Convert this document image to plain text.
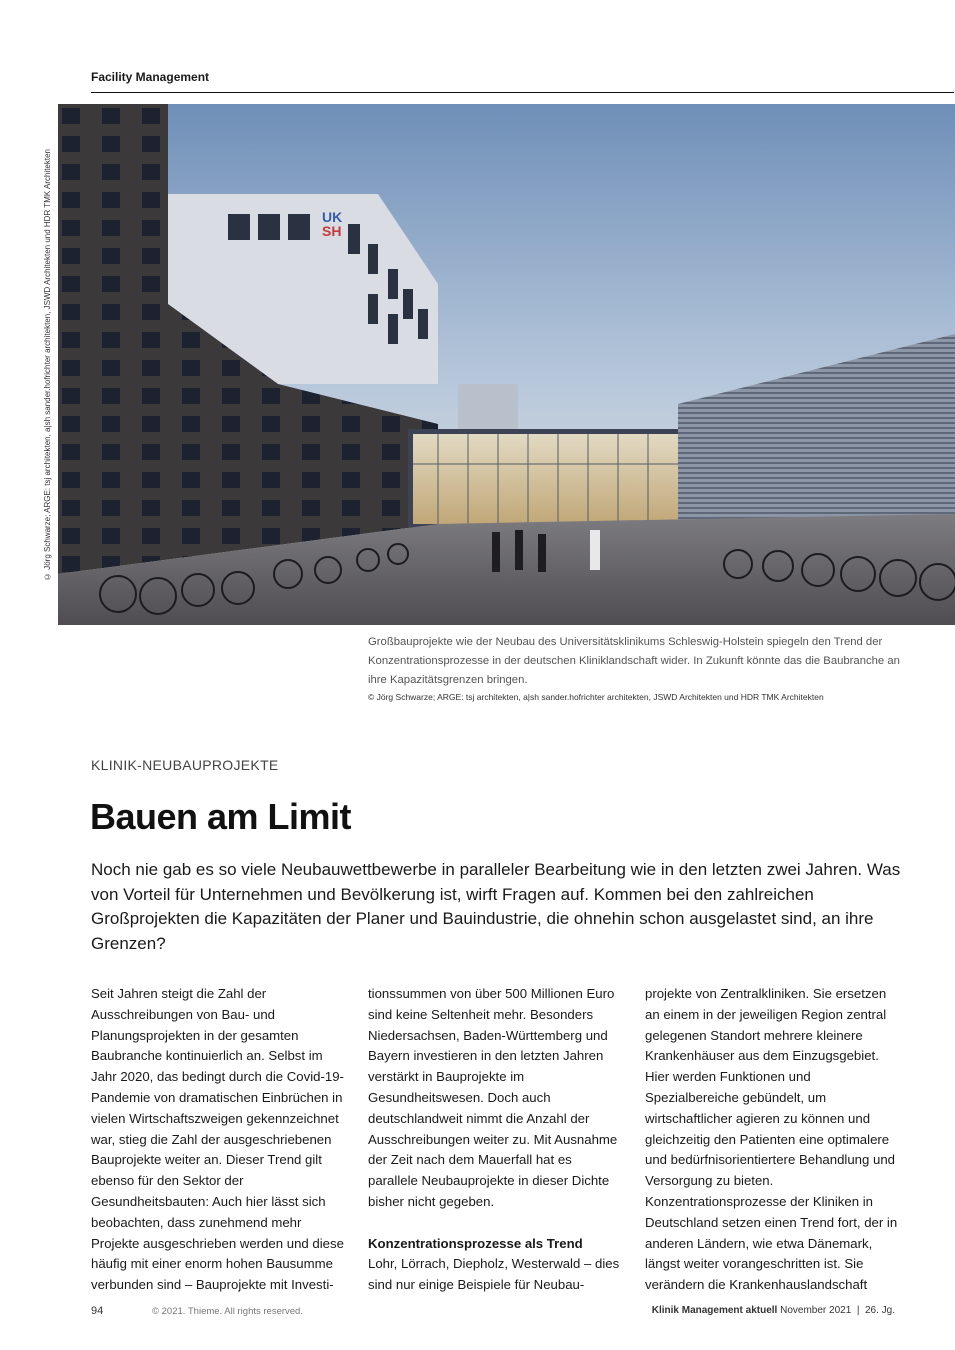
Facility Management
© Jörg Schwarze; ARGE: tsj architekten, a|sh sander.hofrichter architekten, JSWD Architekten und HDR TMK Architekten	UK
SH
Großbauprojekte wie der Neubau des Universitätsklinikums Schleswig-Holstein spiegeln den Trend der Konzentrationsprozesse in der deutschen Kliniklandschaft wider. In Zukunft könnte das die Baubranche an ihre Kapazitätsgrenzen bringen.
© Jörg Schwarze; ARGE: tsj architekten, a|sh sander.hofrichter architekten, JSWD Architekten und HDR TMK Architekten
KLINIK-NEUBAUPROJEKTE
Bauen am Limit
Noch nie gab es so viele Neubauwettbewerbe in paralleler Bearbeitung wie in den letzten zwei Jahren. Was von Vorteil für Unternehmen und Bevölkerung ist, wirft Fragen auf. Kommen bei den zahlreichen Großprojekten die Kapazitäten der Planer und Bauindustrie, die ohnehin schon ausgelastet sind, an ihre Grenzen?

Seit Jahren steigt die Zahl der Ausschreibungen von Bau- und Planungsprojekten in der gesamten Baubranche kontinuierlich an. Selbst im Jahr 2020, das bedingt durch die Covid-19-Pandemie von dramatischen Einbrüchen in vielen Wirtschaftszweigen gekennzeichnet war, stieg die Zahl der ausgeschriebenen Bauprojekte weiter an. Dieser Trend gilt ebenso für den Sektor der Gesundheitsbauten: Auch hier lässt sich beobachten, dass zunehmend mehr Projekte ausgeschrieben werden und diese häufig mit einer enorm hohen Bausumme verbunden sind – Bauprojekte mit Investi-

tionssummen von über 500 Millionen Euro sind keine Seltenheit mehr. Besonders Niedersachsen, Baden-Württemberg und Bayern investieren in den letzten Jahren verstärkt in Bauprojekte im Gesundheitswesen. Doch auch deutschlandweit nimmt die Anzahl der Ausschreibungen weiter zu. Mit Ausnahme der Zeit nach dem Mauerfall hat es parallele Neubauprojekte in dieser Dichte bisher nicht gegeben.

Konzentrationsprozesse als Trend

Lohr, Lörrach, Diepholz, Westerwald – dies sind nur einige Beispiele für Neubau-

projekte von Zentralkliniken. Sie ersetzen an einem in der jeweiligen Region zentral gelegenen Standort mehrere kleinere Krankenhäuser aus dem Einzugsgebiet. Hier werden Funktionen und Spezialbereiche gebündelt, um wirtschaftlicher agieren zu können und gleichzeitig den Patienten eine optimalere und bedürfnisorientiertere Behandlung und Versorgung zu bieten. Konzentrationsprozesse der Kliniken in Deutschland setzen einen Trend fort, der in anderen Ländern, wie etwa Dänemark, längst weiter vorangeschritten ist. Sie verändern die Krankenhauslandschaft

94	© 2021. Thieme. All rights reserved.	Klinik Management aktuell November 2021  |  26. Jg.
